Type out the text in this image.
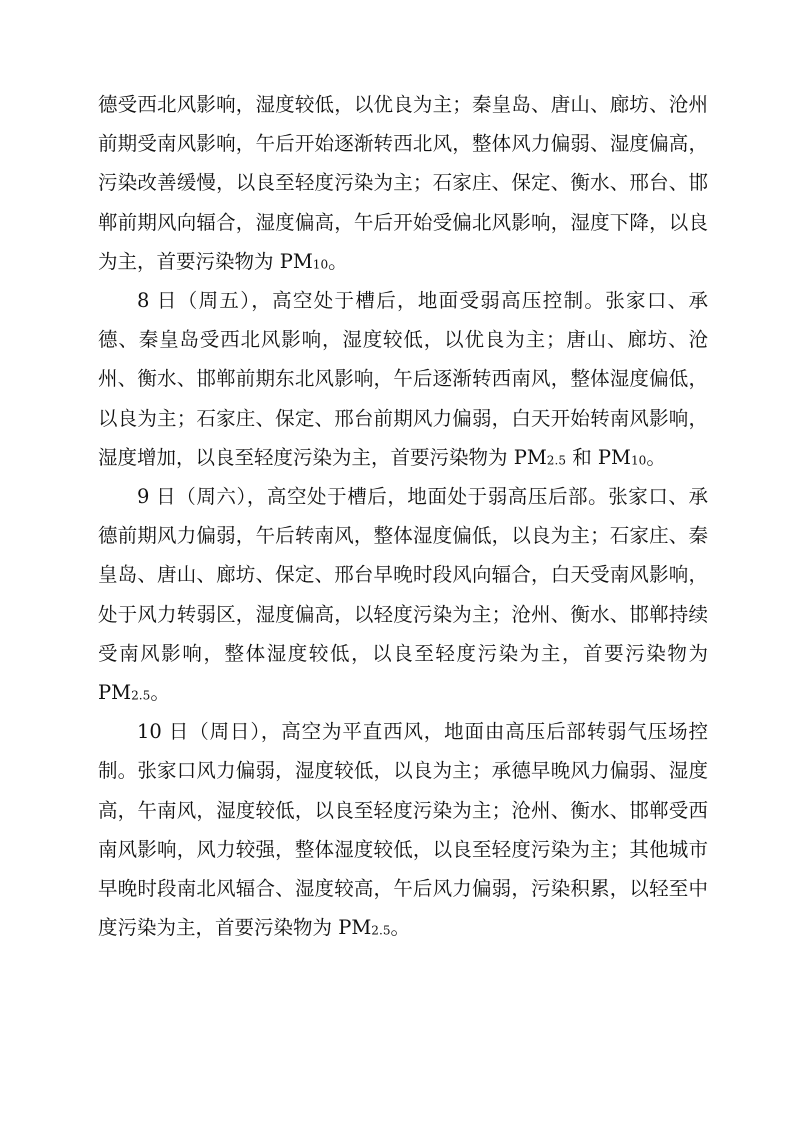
德受西北风影响，湿度较低，以优良为主；秦皇岛、唐山、廊坊、沧州前期受南风影响，午后开始逐渐转西北风，整体风力偏弱、湿度偏高，污染改善缓慢，以良至轻度污染为主；石家庄、保定、衡水、邢台、邯郸前期风向辐合，湿度偏高，午后开始受偏北风影响，湿度下降，以良为主，首要污染物为 PM10。

8 日（周五），高空处于槽后，地面受弱高压控制。张家口、承德、秦皇岛受西北风影响，湿度较低，以优良为主；唐山、廊坊、沧州、衡水、邯郸前期东北风影响，午后逐渐转西南风，整体湿度偏低，以良为主；石家庄、保定、邢台前期风力偏弱，白天开始转南风影响，湿度增加，以良至轻度污染为主，首要污染物为 PM2.5 和 PM10。

9 日（周六），高空处于槽后，地面处于弱高压后部。张家口、承德前期风力偏弱，午后转南风，整体湿度偏低，以良为主；石家庄、秦皇岛、唐山、廊坊、保定、邢台早晚时段风向辐合，白天受南风影响，处于风力转弱区，湿度偏高，以轻度污染为主；沧州、衡水、邯郸持续受南风影响，整体湿度较低，以良至轻度污染为主，首要污染物为 PM2.5。

10 日（周日），高空为平直西风，地面由高压后部转弱气压场控制。张家口风力偏弱，湿度较低，以良为主；承德早晚风力偏弱、湿度高，午南风，湿度较低，以良至轻度污染为主；沧州、衡水、邯郸受西南风影响，风力较强，整体湿度较低，以良至轻度污染为主；其他城市早晚时段南北风辐合、湿度较高，午后风力偏弱，污染积累，以轻至中度污染为主，首要污染物为 PM2.5。
